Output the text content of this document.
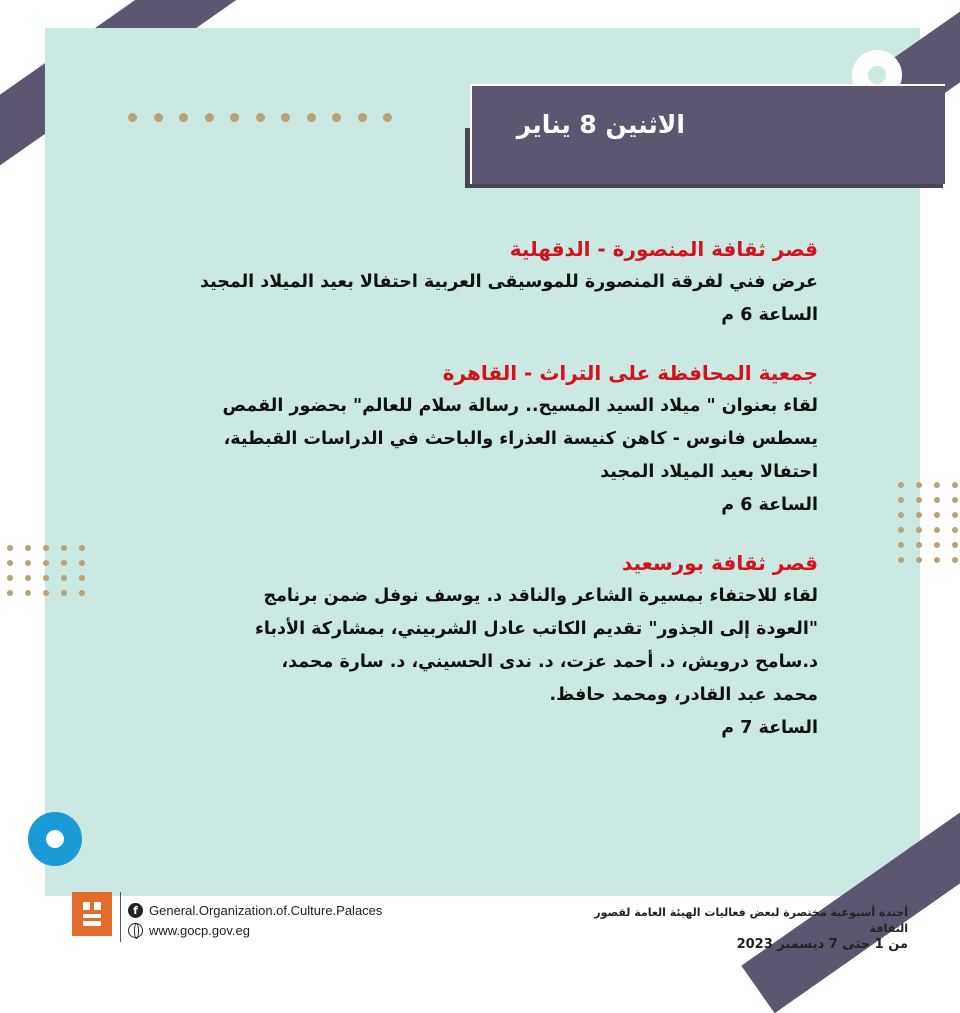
الاثنين 8 يناير
قصر ثقافة المنصورة - الدقهلية
عرض فني لفرقة المنصورة للموسيقى العربية احتفالا بعيد الميلاد المجيد
الساعة 6 م
جمعية المحافظة على التراث - القاهرة
لقاء بعنوان " ميلاد السيد المسيح.. رسالة سلام للعالم" بحضور القمص
يسطس فانوس - كاهن كنيسة العذراء والباحث في الدراسات القبطية،
احتفالا بعيد الميلاد المجيد
الساعة 6 م
قصر ثقافة بورسعيد
لقاء للاحتفاء بمسيرة الشاعر والناقد د. يوسف نوفل ضمن برنامج
"العودة إلى الجذور" تقديم الكاتب عادل الشربيني، بمشاركة الأدباء
د.سامح درويش، د. أحمد عزت، د. ندى الحسيني، د. سارة محمد،
محمد عبد القادر، ومحمد حافظ.
الساعة 7 م
f General.Organization.of.Culture.Palaces
www.gocp.gov.eg
أجندة أسبوعية مختصرة لبعض فعاليات الهيئة العامة لقصور الثقافة
من 1 حتى 7 ديسمبر 2023
